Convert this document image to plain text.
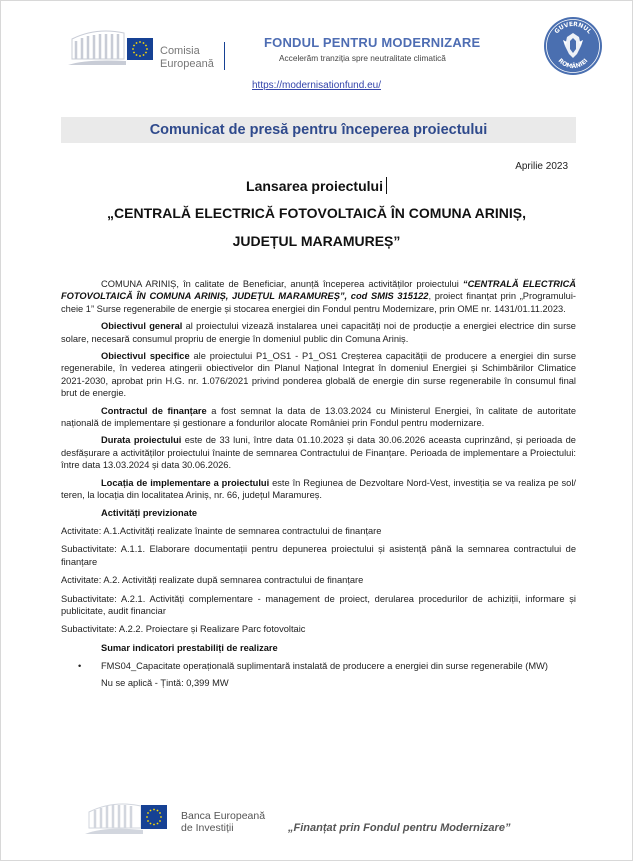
Comisia
Europeană
FONDUL PENTRU MODERNIZARE
Accelerăm tranziția spre neutralitate climatică
GUVERNUL
ROMÂNIEI
https://modernisationfund.eu/
Comunicat de presă pentru începerea proiectului
Aprilie 2023
Lansarea proiectului
„CENTRALĂ ELECTRICĂ FOTOVOLTAICĂ ÎN COMUNA ARINIȘ,
JUDEȚUL MARAMUREȘ”

COMUNA ARINIȘ, în calitate de Beneficiar, anunță începerea activităților proiectului “CENTRALĂ ELECTRICĂ FOTOVOLTAICĂ ÎN COMUNA ARINIȘ, JUDEȚUL MARAMUREȘ”, cod SMIS 315122, proiect finanțat prin „Programului-cheie 1” Surse regenerabile de energie și stocarea energiei din Fondul pentru Modernizare, prin OME nr. 1431/01.11.2023.

Obiectivul general al proiectului vizează instalarea unei capacități noi de producție a energiei electrice din surse solare, necesară consumul propriu de energie în domeniul public din Comuna Ariniș.

Obiectivul specifice ale proiectului P1_OS1 - P1_OS1 Creșterea capacității de producere a energiei din surse regenerabile, în vederea atingerii obiectivelor din Planul Național Integrat în domeniul Energiei și Schimbărilor Climatice 2021-2030, aprobat prin H.G. nr. 1.076/2021 privind ponderea globală de energie din surse regenerabile în consumul final brut de energie.

Contractul de finanțare a fost semnat la data de 13.03.2024 cu Ministerul Energiei, în calitate de autoritate națională de implementare și gestionare a fondurilor alocate României prin Fondul pentru modernizare.

Durata proiectului este de 33 luni, între data 01.10.2023 și data 30.06.2026 aceasta cuprinzând, și perioada de desfășurare a activităților proiectului înainte de semnarea Contractului de Finanțare. Perioada de implementare a Proiectului: între data 13.03.2024 și data 30.06.2026.

Locația de implementare a proiectului este în Regiunea de Dezvoltare Nord-Vest, investiția se va realiza pe sol/ teren, la locația din localitatea Ariniș, nr. 66, județul Maramureș.

Activități previzionate

Activitate: A.1.Activități realizate înainte de semnarea contractului de finanțare

Subactivitate: A.1.1. Elaborare documentații pentru depunerea proiectului și asistență până la semnarea contractului de finanțare

Activitate: A.2. Activități realizate după semnarea contractului de finanțare

Subactivitate: A.2.1. Activități complementare - management de proiect, derularea procedurilor de achiziții, informare și publicitate, audit financiar

Subactivitate: A.2.2. Proiectare și Realizare Parc fotovoltaic

Sumar indicatori prestabiliți de realizare

• FMS04_Capacitate operațională suplimentară instalată de producere a energiei din surse regenerabile (MW)

Nu se aplică - Țintă: 0,399 MW

Banca Europeană
de Investiții	„Finanțat prin Fondul pentru Modernizare”
